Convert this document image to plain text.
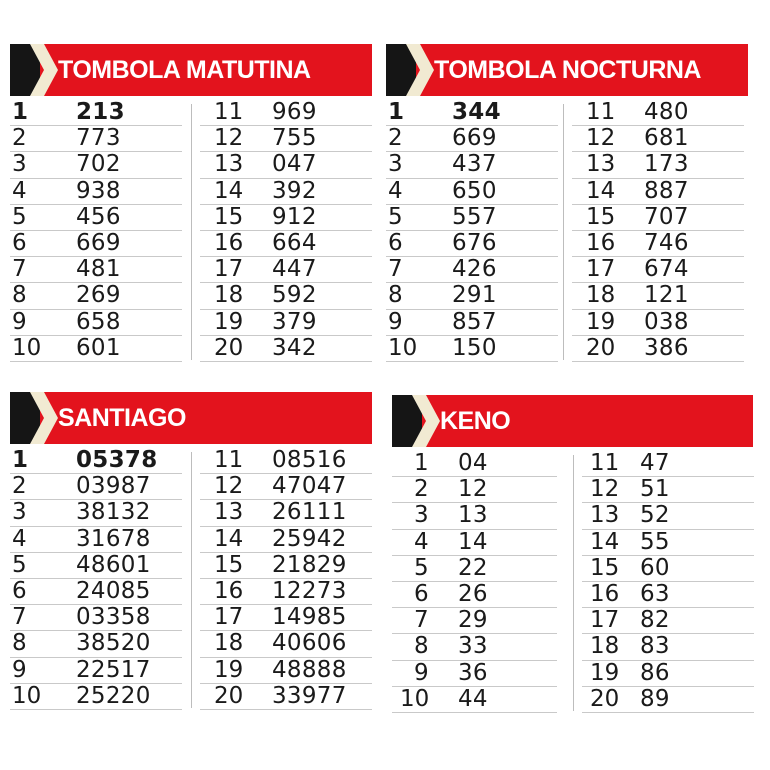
TOMBOLA MATUTINA
1 213
2 773
3 702
4 938
5 456
6 669
7 481
8 269
9 658
10 601
11 969
12 755
13 047
14 392
15 912
16 664
17 447
18 592
19 379
20 342
TOMBOLA NOCTURNA
1 344
2 669
3 437
4 650
5 557
6 676
7 426
8 291
9 857
10 150
11 480
12 681
13 173
14 887
15 707
16 746
17 674
18 121
19 038
20 386
SANTIAGO
1 05378
2 03987
3 38132
4 31678
5 48601
6 24085
7 03358
8 38520
9 22517
10 25220
11 08516
12 47047
13 26111
14 25942
15 21829
16 12273
17 14985
18 40606
19 48888
20 33977
KENO
1 04
2 12
3 13
4 14
5 22
6 26
7 29
8 33
9 36
10 44
11 47
12 51
13 52
14 55
15 60
16 63
17 82
18 83
19 86
20 89
